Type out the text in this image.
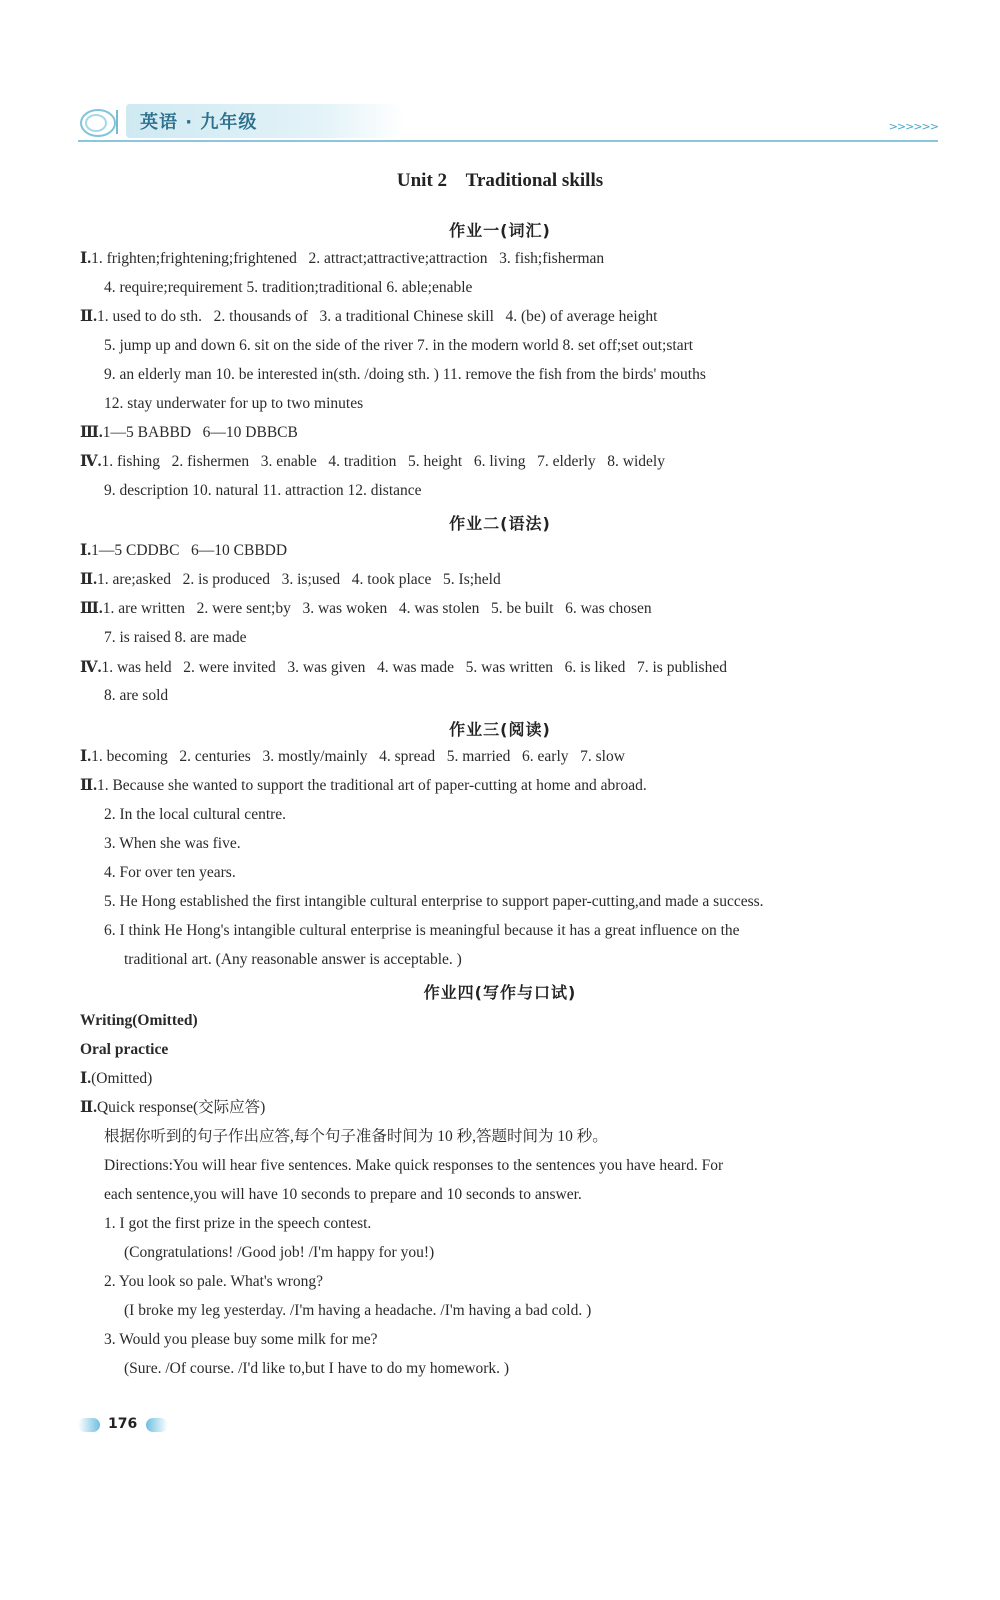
英语 · 九年级	>>>>>>
Unit 2    Traditional skills
作业一(词汇)
Ⅰ.1. frighten;frightening;frightened   2. attract;attractive;attraction   3. fish;fisherman
4. require;requirement 5. tradition;traditional 6. able;enable
Ⅱ.1. used to do sth.   2. thousands of   3. a traditional Chinese skill   4. (be) of average height
5. jump up and down 6. sit on the side of the river 7. in the modern world 8. set off;set out;start
9. an elderly man 10. be interested in(sth. /doing sth. ) 11. remove the fish from the birds' mouths
12. stay underwater for up to two minutes
Ⅲ.1—5 BABBD   6—10 DBBCB
Ⅳ.1. fishing   2. fishermen   3. enable   4. tradition   5. height   6. living   7. elderly   8. widely
9. description 10. natural 11. attraction 12. distance
作业二(语法)
Ⅰ.1—5 CDDBC   6—10 CBBDD
Ⅱ.1. are;asked   2. is produced   3. is;used   4. took place   5. Is;held
Ⅲ.1. are written   2. were sent;by   3. was woken   4. was stolen   5. be built   6. was chosen
7. is raised 8. are made
Ⅳ.1. was held   2. were invited   3. was given   4. was made   5. was written   6. is liked   7. is published
8. are sold
作业三(阅读)
Ⅰ.1. becoming   2. centuries   3. mostly/mainly   4. spread   5. married   6. early   7. slow
Ⅱ.1. Because she wanted to support the traditional art of paper-cutting at home and abroad.
2. In the local cultural centre.
3. When she was five.
4. For over ten years.
5. He Hong established the first intangible cultural enterprise to support paper-cutting,and made a success.
6. I think He Hong's intangible cultural enterprise is meaningful because it has a great influence on the
traditional art. (Any reasonable answer is acceptable. )
作业四(写作与口试)
Writing(Omitted)
Oral practice
Ⅰ.(Omitted)
Ⅱ.Quick response(交际应答)
根据你听到的句子作出应答,每个句子准备时间为 10 秒,答题时间为 10 秒。
Directions:You will hear five sentences. Make quick responses to the sentences you have heard. For
each sentence,you will have 10 seconds to prepare and 10 seconds to answer.
1. I got the first prize in the speech contest.
(Congratulations! /Good job! /I'm happy for you!)
2. You look so pale. What's wrong?
(I broke my leg yesterday. /I'm having a headache. /I'm having a bad cold. )
3. Would you please buy some milk for me?
(Sure. /Of course. /I'd like to,but I have to do my homework. )
176
